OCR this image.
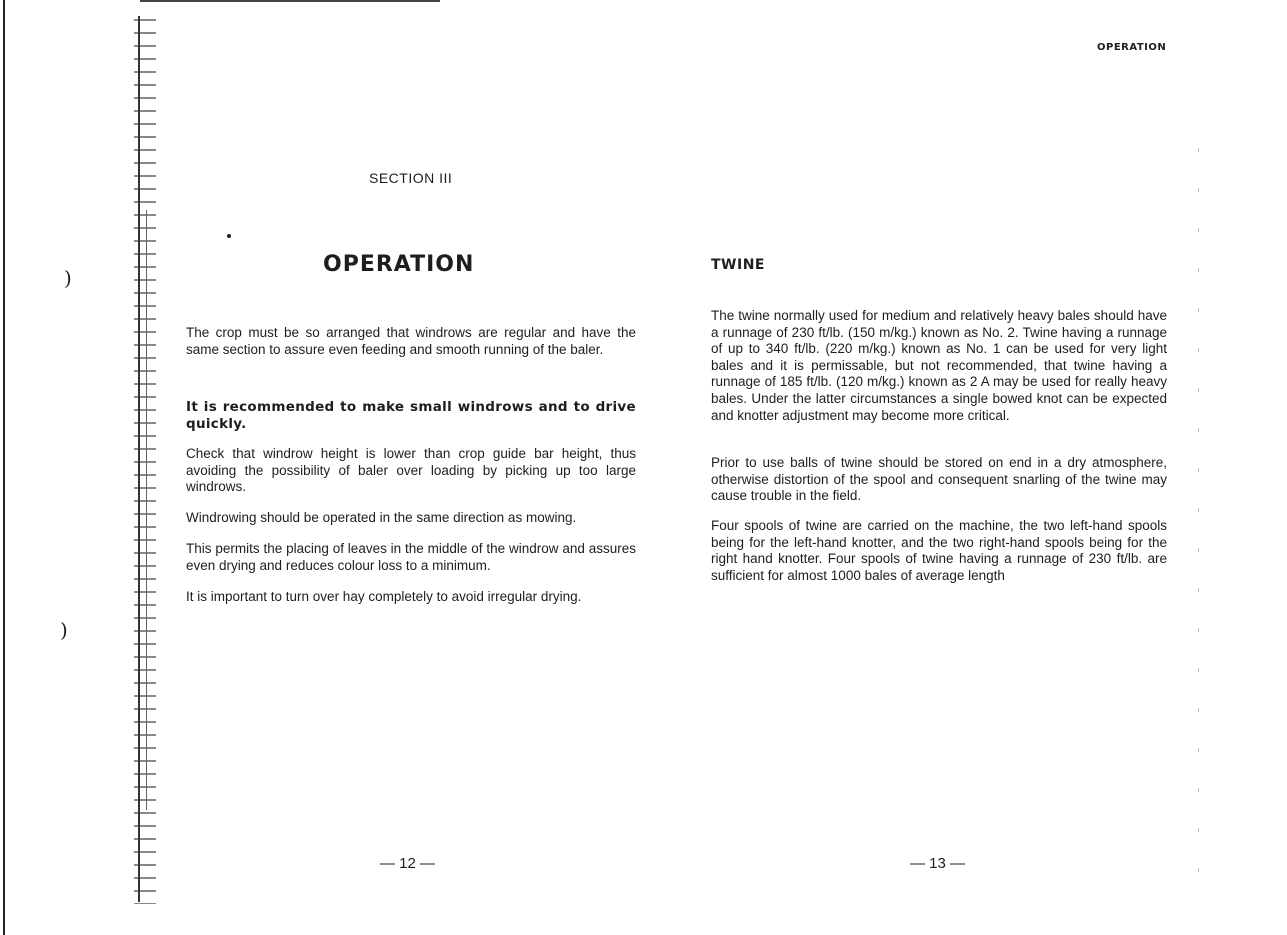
)
)
OPERATION
SECTION III
OPERATION
The crop must be so arranged that windrows are regular and have the same section to assure even feeding and smooth running of the baler.
It is recommended to make small windrows and to drive quickly.
Check that windrow height is lower than crop guide bar height, thus avoiding the possibility of baler over loading by picking up too large windrows.
Windrowing should be operated in the same direction as mowing.
This permits the placing of leaves in the middle of the windrow and assures even drying and reduces colour loss to a minimum.
It is important to turn over hay completely to avoid irregular drying.
— 12 —
TWINE
The twine normally used for medium and relatively heavy bales should have a runnage of 230 ft/lb. (150 m/kg.) known as No. 2. Twine having a runnage of up to 340 ft/lb. (220 m/kg.) known as No. 1 can be used for very light bales and it is permissable, but not recommended, that twine having a runnage of 185 ft/lb. (120 m/kg.) known as 2 A may be used for really heavy bales. Under the latter circumstances a single bowed knot can be expected and knotter adjustment may become more critical.
Prior to use balls of twine should be stored on end in a dry atmosphere, otherwise distortion of the spool and consequent snarling of the twine may cause trouble in the field.
Four spools of twine are carried on the machine, the two left-hand spools being for the left-hand knotter, and the two right-hand spools being for the right hand knotter. Four spools of twine having a runnage of 230 ft/lb. are sufficient for almost 1000 bales of average length
— 13 —
